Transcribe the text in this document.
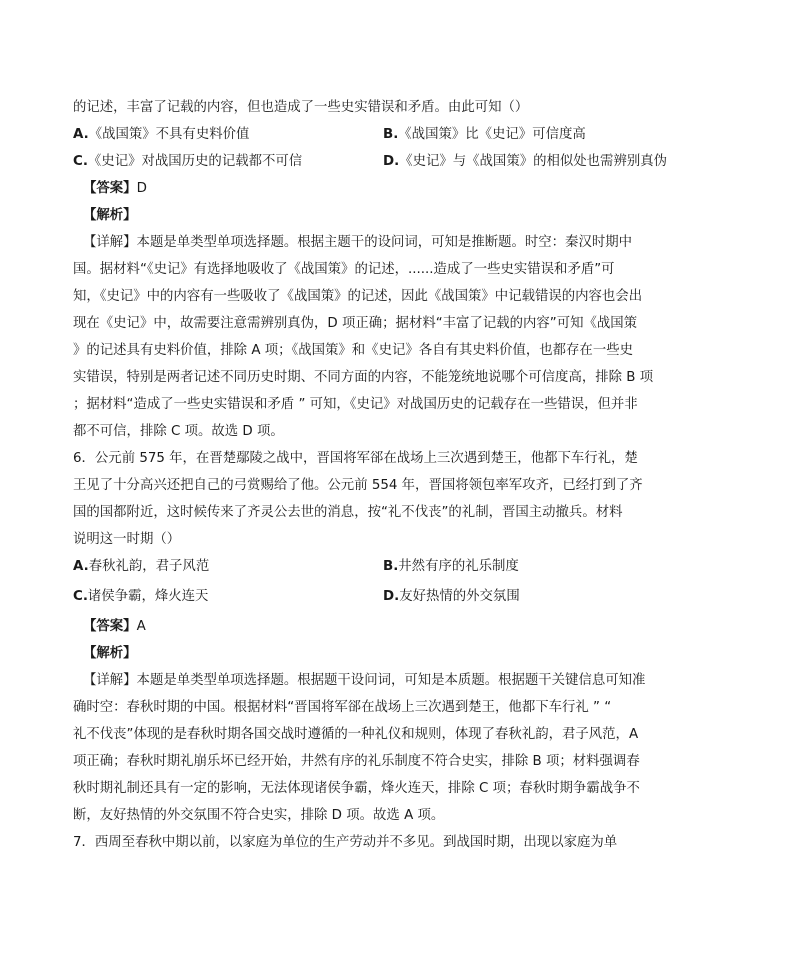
的记述，丰富了记载的内容，但也造成了一些史实错误和矛盾。由此可知（）
A.《战国策》不具有史料价值	B.《战国策》比《史记》可信度高
C.《史记》对战国历史的记载都不可信	D.《史记》与《战国策》的相似处也需辨别真伪
【答案】D
【解析】
【详解】本题是单类型单项选择题。根据主题干的设问词，可知是推断题。时空：秦汉时期中
国。据材料“《史记》有选择地吸收了《战国策》的记述，......造成了一些史实错误和矛盾”可
知，《史记》中的内容有一些吸收了《战国策》的记述，因此《战国策》中记载错误的内容也会出
现在《史记》中，故需要注意需辨别真伪，D 项正确；据材料“丰富了记载的内容”可知《战国策
》的记述具有史料价值，排除 A 项；《战国策》和《史记》各自有其史料价值，也都存在一些史
实错误，特别是两者记述不同历史时期、不同方面的内容，不能笼统地说哪个可信度高，排除 B 项
；据材料“造成了一些史实错误和矛盾 ” 可知，《史记》对战国历史的记载存在一些错误，但并非
都不可信，排除 C 项。故选 D 项。
6．公元前 575 年，在晋楚鄢陵之战中，晋国将军郤在战场上三次遇到楚王，他都下车行礼，楚
王见了十分高兴还把自己的弓赏赐给了他。公元前 554 年，晋国将领包率军攻齐，已经打到了齐
国的国都附近，这时候传来了齐灵公去世的消息，按“礼不伐丧”的礼制，晋国主动撤兵。材料
说明这一时期（）
A.春秋礼韵，君子风范	B.井然有序的礼乐制度
C.诸侯争霸，烽火连天	D.友好热情的外交氛围
【答案】A
【解析】
【详解】本题是单类型单项选择题。根据题干设问词，可知是本质题。根据题干关键信息可知准
确时空：春秋时期的中国。根据材料“晋国将军郤在战场上三次遇到楚王，他都下车行礼 ” “
礼不伐丧”体现的是春秋时期各国交战时遵循的一种礼仪和规则，体现了春秋礼韵，君子风范，A
项正确；春秋时期礼崩乐坏已经开始，井然有序的礼乐制度不符合史实，排除 B 项；材料强调春
秋时期礼制还具有一定的影响，无法体现诸侯争霸，烽火连天，排除 C 项；春秋时期争霸战争不
断，友好热情的外交氛围不符合史实，排除 D 项。故选 A 项。
7．西周至春秋中期以前，以家庭为单位的生产劳动并不多见。到战国时期，出现以家庭为单
